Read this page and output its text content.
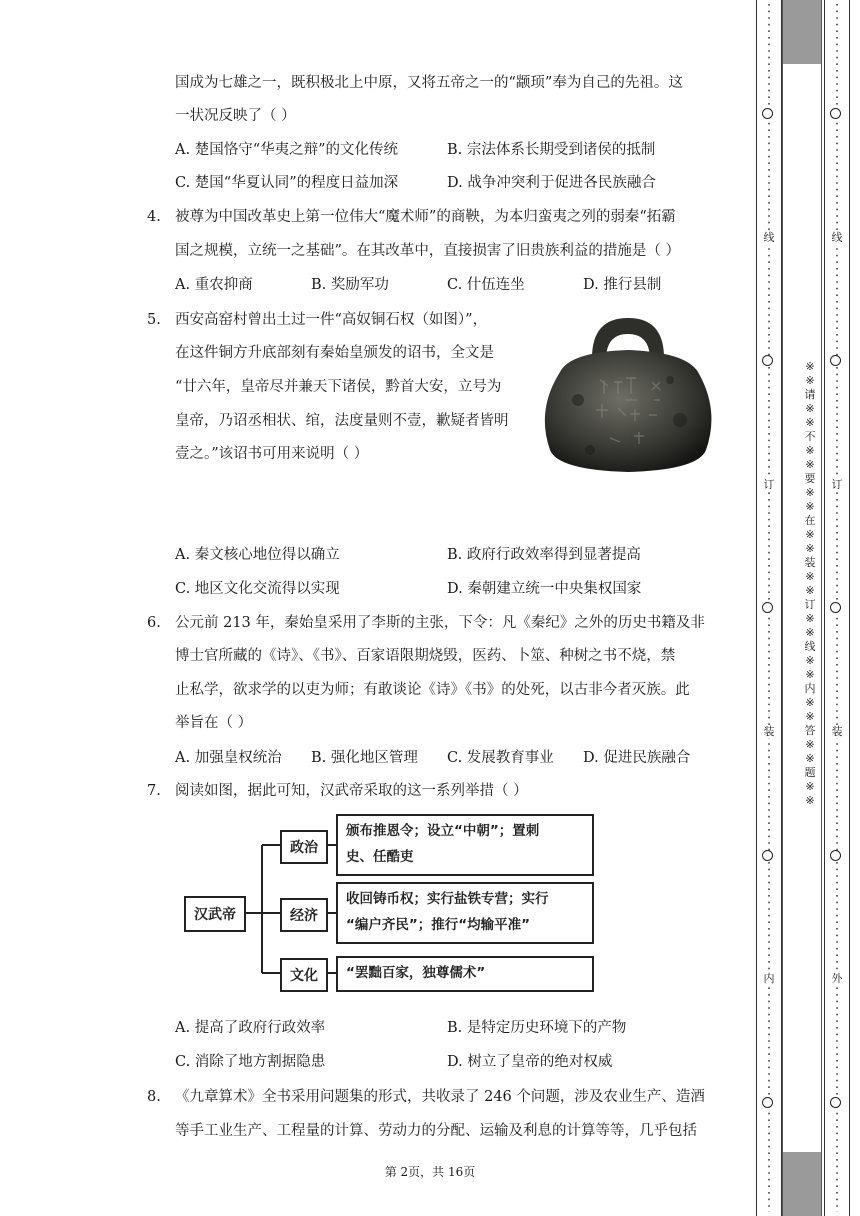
国成为七雄之一，既积极北上中原，又将五帝之一的“颛顼”奉为自己的先祖。这
一状况反映了（ ）
A. 楚国恪守“华夷之辩”的文化传统	B. 宗法体系长期受到诸侯的抵制
C. 楚国“华夏认同”的程度日益加深	D. 战争冲突利于促进各民族融合
4. 被尊为中国改革史上第一位伟大“魔术师”的商鞅，为本归蛮夷之列的弱秦“拓霸
国之规模，立统一之基础”。在其改革中，直接损害了旧贵族利益的措施是（ ）
A. 重农抑商	B. 奖励军功	C. 什伍连坐	D. 推行县制
5. 西安高窑村曾出土过一件“高奴铜石权（如图）”，
在这件铜方升底部刻有秦始皇颁发的诏书，全文是
“廿六年，皇帝尽并兼天下诸侯，黔首大安，立号为
皇帝，乃诏丞相状、绾，法度量则不壹，歉疑者皆明
壹之。”该诏书可用来说明（ ）
A. 秦文核心地位得以确立	B. 政府行政效率得到显著提高
C. 地区文化交流得以实现	D. 秦朝建立统一中央集权国家
6. 公元前 213 年，秦始皇采用了李斯的主张，下令：凡《秦纪》之外的历史书籍及非
博士官所藏的《诗》、《书》、百家语限期烧毁，医药、卜筮、种树之书不烧，禁
止私学，欲求学的以吏为师；有敢谈论《诗》《书》的处死，以古非今者灭族。此
举旨在（ ）
A. 加强皇权统治 B. 强化地区管理 C. 发展教育事业 D. 促进民族融合
7. 阅读如图，据此可知，汉武帝采取的这一系列举措（ ）
汉武帝
政治
颁布推恩令；设立“中朝”；置刺
史、任酷吏
经济
收回铸币权；实行盐铁专营；实行
“编户齐民”；推行“均输平准”
文化	“罢黜百家，独尊儒术”
A. 提高了政府行政效率	B. 是特定历史环境下的产物
C. 消除了地方割据隐患	D. 树立了皇帝的绝对权威
8. 《九章算术》全书采用问题集的形式，共收录了 246 个问题，涉及农业生产、造酒
等手工业生产、工程量的计算、劳动力的分配、运输及利息的计算等等，几乎包括
第 2页，共 16页
线
订
装
内
线
订
装
外
※※请※※不※※要※※在※※装※※订※※线※※内※※答※※题※※
